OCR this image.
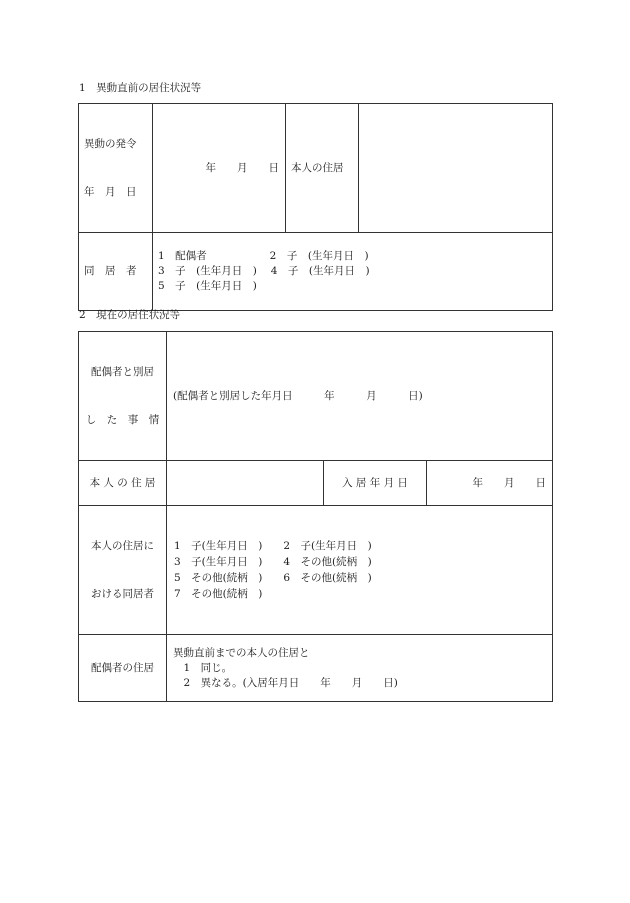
1　異動直前の居住状況等

異動の発令

年　月　日	年　　月　　日	本人の住居	

同　居　者	1　配偶者　　　　　　2　子　(生年月日　)
3　子　(生年月日　)　 4　子　(生年月日　)
5　子　(生年月日　)		
2　現在の居住状況等

配偶者と別居

し　た　事　情	(配偶者と別居した年月日　　　年　　　月　　　日)		

本 人 の 住 居		入 居 年 月 日	年　　月　　日

本人の住居に

おける同居者	1　子(生年月日　)　　2　子(生年月日　)
3　子(生年月日　)　　4　その他(続柄　)
5　その他(続柄　)　　6　その他(続柄　)
7　その他(続柄　)		

配偶者の住居	異動直前までの本人の住居と
　1　同じ。
　2　異なる。(入居年月日　　年　　月　　日)		
